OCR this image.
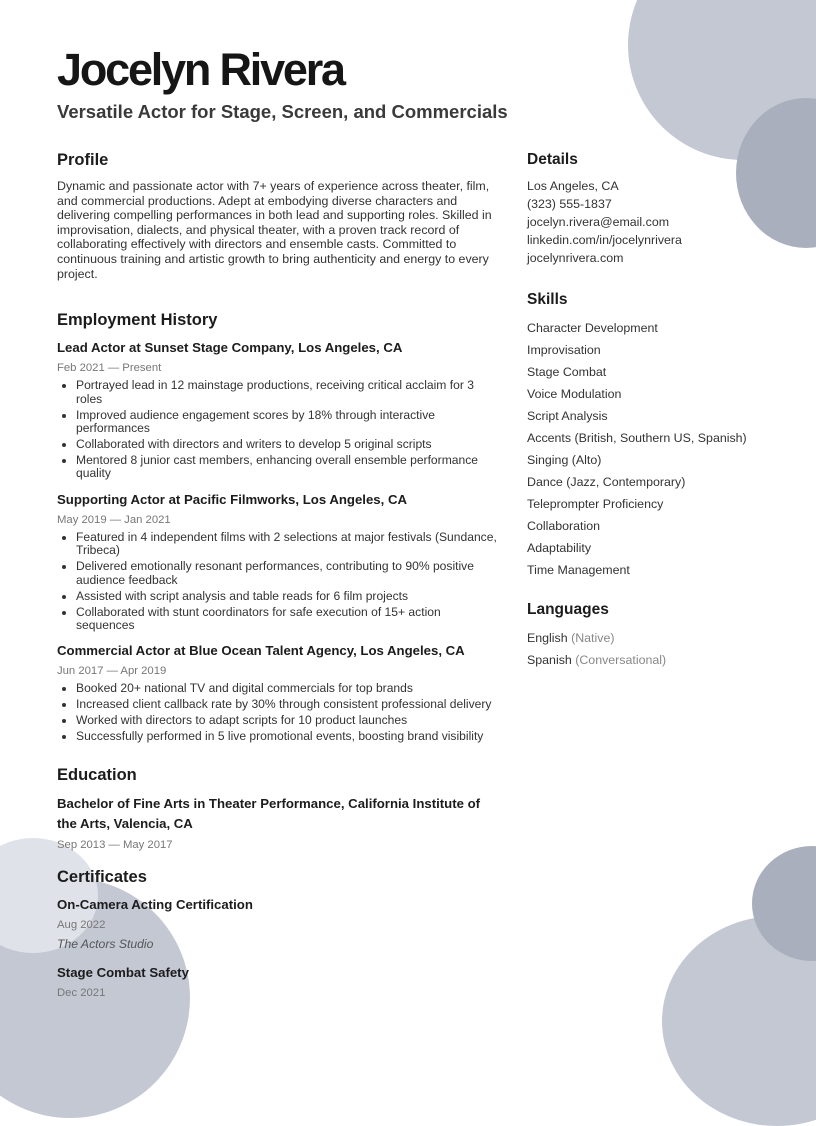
Jocelyn Rivera

Versatile Actor for Stage, Screen, and Commercials

Profile

Dynamic and passionate actor with 7+ years of experience across theater, film, and commercial productions. Adept at embodying diverse characters and delivering compelling performances in both lead and supporting roles. Skilled in improvisation, dialects, and physical theater, with a proven track record of collaborating effectively with directors and ensemble casts. Committed to continuous training and artistic growth to bring authenticity and energy to every project.

Employment History

Lead Actor at Sunset Stage Company, Los Angeles, CA

Feb 2021 — Present

• Portrayed lead in 12 mainstage productions, receiving critical acclaim for 3 roles
• Improved audience engagement scores by 18% through interactive performances
• Collaborated with directors and writers to develop 5 original scripts
• Mentored 8 junior cast members, enhancing overall ensemble performance quality

Supporting Actor at Pacific Filmworks, Los Angeles, CA

May 2019 — Jan 2021

• Featured in 4 independent films with 2 selections at major festivals (Sundance, Tribeca)
• Delivered emotionally resonant performances, contributing to 90% positive audience feedback
• Assisted with script analysis and table reads for 6 film projects
• Collaborated with stunt coordinators for safe execution of 15+ action sequences

Commercial Actor at Blue Ocean Talent Agency, Los Angeles, CA

Jun 2017 — Apr 2019

• Booked 20+ national TV and digital commercials for top brands
• Increased client callback rate by 30% through consistent professional delivery
• Worked with directors to adapt scripts for 10 product launches
• Successfully performed in 5 live promotional events, boosting brand visibility
Education

Bachelor of Fine Arts in Theater Performance, California Institute of the Arts, Valencia, CA

Sep 2013 — May 2017

Certificates

On-Camera Acting Certification

Aug 2022

The Actors Studio

Stage Combat Safety

Dec 2021

Details

Los Angeles, CA

(323) 555-1837

jocelyn.rivera@email.com

linkedin.com/in/jocelynrivera

jocelynrivera.com

Skills

Character Development

Improvisation

Stage Combat

Voice Modulation

Script Analysis

Accents (British, Southern US, Spanish)

Singing (Alto)

Dance (Jazz, Contemporary)

Teleprompter Proficiency

Collaboration

Adaptability

Time Management

Languages

English (Native)

Spanish (Conversational)
